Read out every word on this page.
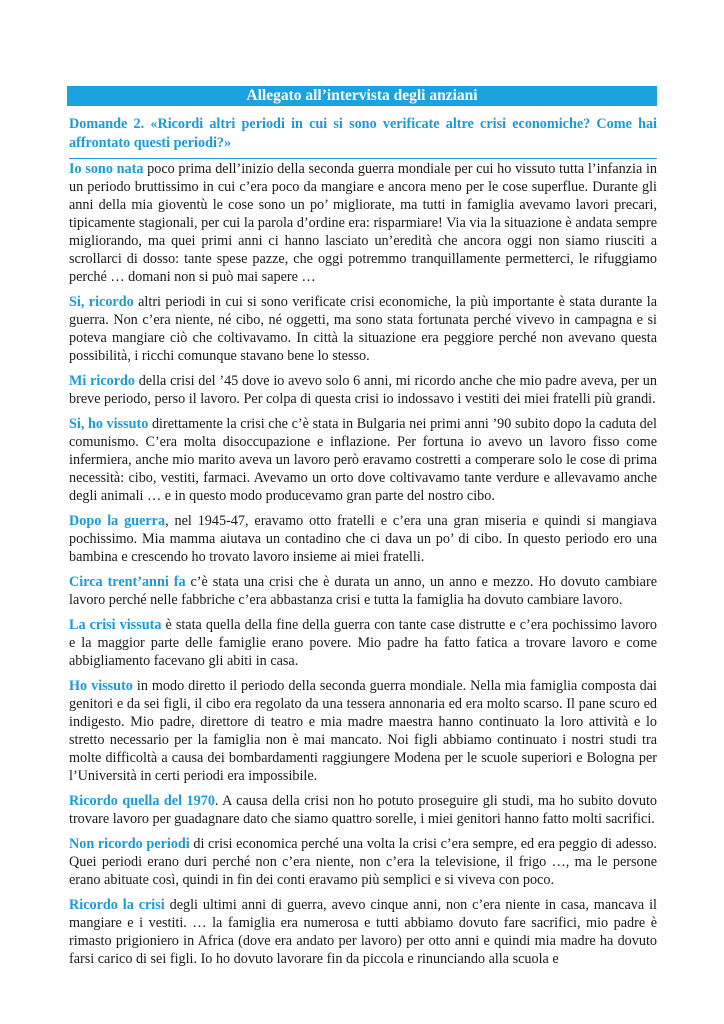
Allegato all’intervista degli anziani
Domande 2. «Ricordi altri periodi in cui si sono verificate altre crisi economiche? Come hai affrontato questi periodi?»

Io sono nata poco prima dell’inizio della seconda guerra mondiale per cui ho vissuto tutta l’infanzia in un periodo bruttissimo in cui c’era poco da mangiare e ancora meno per le cose superflue. Durante gli anni della mia gioventù le cose sono un po’ migliorate, ma tutti in famiglia avevamo lavori precari, tipicamente stagionali, per cui la parola d’ordine era: risparmiare! Via via la situazione è andata sempre migliorando, ma quei primi anni ci hanno lasciato un’eredità che ancora oggi non siamo riusciti a scrollarci di dosso: tante spese pazze, che oggi potremmo tranquillamente permetterci, le rifuggiamo perché … domani non si può mai sapere …

Si, ricordo altri periodi in cui si sono verificate crisi economiche, la più importante è stata durante la guerra. Non c’era niente, né cibo, né oggetti, ma sono stata fortunata perché vivevo in campagna e si poteva mangiare ciò che coltivavamo. In città la situazione era peggiore perché non avevano questa possibilità, i ricchi comunque stavano bene lo stesso.

Mi ricordo della crisi del ’45 dove io avevo solo 6 anni, mi ricordo anche che mio padre aveva, per un breve periodo, perso il lavoro. Per colpa di questa crisi io indossavo i vestiti dei miei fratelli più grandi.

Si, ho vissuto direttamente la crisi che c’è stata in Bulgaria nei primi anni ’90 subito dopo la caduta del comunismo. C’era molta disoccupazione e inflazione. Per fortuna io avevo un lavoro fisso come infermiera, anche mio marito aveva un lavoro però eravamo costretti a comperare solo le cose di prima necessità: cibo, vestiti, farmaci. Avevamo un orto dove coltivavamo tante verdure e allevavamo anche degli animali … e in questo modo producevamo gran parte del nostro cibo.

Dopo la guerra, nel 1945-47, eravamo otto fratelli e c’era una gran miseria e quindi si mangiava pochissimo. Mia mamma aiutava un contadino che ci dava un po’ di cibo. In questo periodo ero una bambina e crescendo ho trovato lavoro insieme ai miei fratelli.

Circa trent’anni fa c’è stata una crisi che è durata un anno, un anno e mezzo. Ho dovuto cambiare lavoro perché nelle fabbriche c’era abbastanza crisi e tutta la famiglia ha dovuto cambiare lavoro.

La crisi vissuta è stata quella della fine della guerra con tante case distrutte e c’era pochissimo lavoro e la maggior parte delle famiglie erano povere. Mio padre ha fatto fatica a trovare lavoro e come abbigliamento facevano gli abiti in casa.

Ho vissuto in modo diretto il periodo della seconda guerra mondiale. Nella mia famiglia composta dai genitori e da sei figli, il cibo era regolato da una tessera annonaria ed era molto scarso. Il pane scuro ed indigesto. Mio padre, direttore di teatro e mia madre maestra hanno continuato la loro attività e lo stretto necessario per la famiglia non è mai mancato. Noi figli abbiamo continuato i nostri studi tra molte difficoltà a causa dei bombardamenti raggiungere Modena per le scuole superiori e Bologna per l’Università in certi periodi era impossibile.

Ricordo quella del 1970. A causa della crisi non ho potuto proseguire gli studi, ma ho subito dovuto trovare lavoro per guadagnare dato che siamo quattro sorelle, i miei genitori hanno fatto molti sacrifici.

Non ricordo periodi di crisi economica perché una volta la crisi c’era sempre, ed era peggio di adesso. Quei periodi erano duri perché non c’era niente, non c’era la televisione, il frigo …, ma le persone erano abituate così, quindi in fin dei conti eravamo più semplici e si viveva con poco.

Ricordo la crisi degli ultimi anni di guerra, avevo cinque anni, non c’era niente in casa, mancava il mangiare e i vestiti. … la famiglia era numerosa e tutti abbiamo dovuto fare sacrifici, mio padre è rimasto prigioniero in Africa (dove era andato per lavoro) per otto anni e quindi mia madre ha dovuto farsi carico di sei figli. Io ho dovuto lavorare fin da piccola e rinunciando alla scuola e
